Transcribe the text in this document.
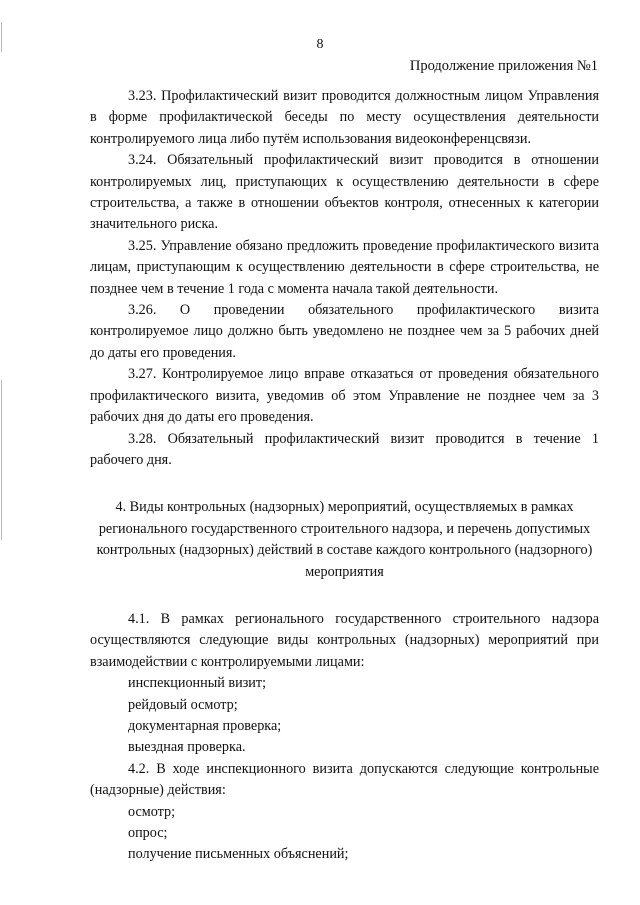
8
Продолжение приложения №1

3.23. Профилактический визит проводится должностным лицом Управления в форме профилактической беседы по месту осуществления деятельности контролируемого лица либо путём использования видеоконференцсвязи.

3.24. Обязательный профилактический визит проводится в отношении контролируемых лиц, приступающих к осуществлению деятельности в сфере строительства, а также в отношении объектов контроля, отнесенных к категории значительного риска.

3.25. Управление обязано предложить проведение профилактического визита лицам, приступающим к осуществлению деятельности в сфере строительства, не позднее чем в течение 1 года с момента начала такой деятельности.

3.26. О проведении обязательного профилактического визита контролируемое лицо должно быть уведомлено не позднее чем за 5 рабочих дней до даты его проведения.

3.27. Контролируемое лицо вправе отказаться от проведения обязательного профилактического визита, уведомив об этом Управление не позднее чем за 3 рабочих дня до даты его проведения.

3.28. Обязательный профилактический визит проводится в течение 1 рабочего дня.

4. Виды контрольных (надзорных) мероприятий, осуществляемых в рамках регионального государственного строительного надзора, и перечень допустимых контрольных (надзорных) действий в составе каждого контрольного (надзорного) мероприятия

4.1. В рамках регионального государственного строительного надзора осуществляются следующие виды контрольных (надзорных) мероприятий при взаимодействии с контролируемыми лицами:

инспекционный визит;

рейдовый осмотр;

документарная проверка;

выездная проверка.

4.2. В ходе инспекционного визита допускаются следующие контрольные (надзорные) действия:

осмотр;

опрос;

получение письменных объяснений;
